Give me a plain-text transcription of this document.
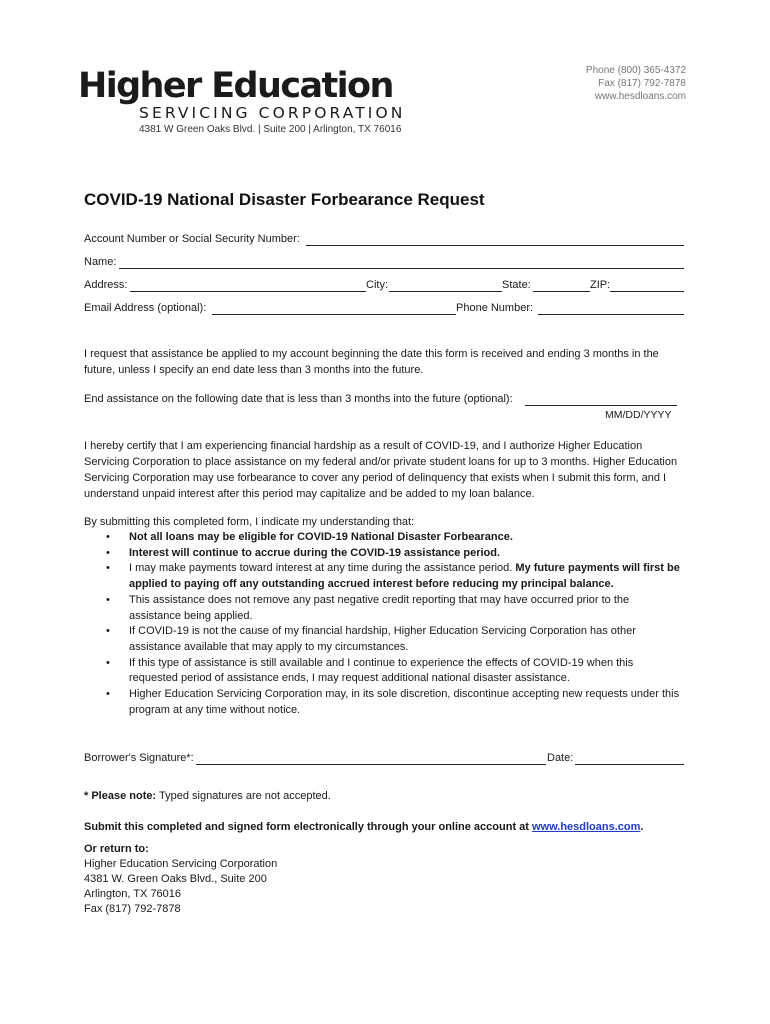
Higher Education
SERVICING CORPORATION
4381 W Green Oaks Blvd. | Suite 200 | Arlington, TX 76016
Phone (800) 365-4372
Fax (817) 792-7878
www.hesdloans.com
COVID-19 National Disaster Forbearance Request
Account Number or Social Security Number:
Name:
Address:	City:	State:	ZIP:
Email Address (optional):	Phone Number:
I request that assistance be applied to my account beginning the date this form is received and ending 3 months in the future, unless I specify an end date less than 3 months into the future.
End assistance on the following date that is less than 3 months into the future (optional):
MM/DD/YYYY
I hereby certify that I am experiencing financial hardship as a result of COVID-19, and I authorize Higher Education Servicing Corporation to place assistance on my federal and/or private student loans for up to 3 months. Higher Education Servicing Corporation may use forbearance to cover any period of delinquency that exists when I submit this form, and I understand unpaid interest after this period may capitalize and be added to my loan balance.
By submitting this completed form, I indicate my understanding that:
• Not all loans may be eligible for COVID-19 National Disaster Forbearance.
• Interest will continue to accrue during the COVID-19 assistance period.
• I may make payments toward interest at any time during the assistance period. My future payments will first be applied to paying off any outstanding accrued interest before reducing my principal balance.
• This assistance does not remove any past negative credit reporting that may have occurred prior to the assistance being applied.
• If COVID-19 is not the cause of my financial hardship, Higher Education Servicing Corporation has other assistance available that may apply to my circumstances.
• If this type of assistance is still available and I continue to experience the effects of COVID-19 when this requested period of assistance ends, I may request additional national disaster assistance.
• Higher Education Servicing Corporation may, in its sole discretion, discontinue accepting new requests under this program at any time without notice.
Borrower's Signature*:	Date:
* Please note: Typed signatures are not accepted.
Submit this completed and signed form electronically through your online account at www.hesdloans.com.
Or return to:
Higher Education Servicing Corporation
4381 W. Green Oaks Blvd., Suite 200
Arlington, TX 76016
Fax (817) 792-7878
